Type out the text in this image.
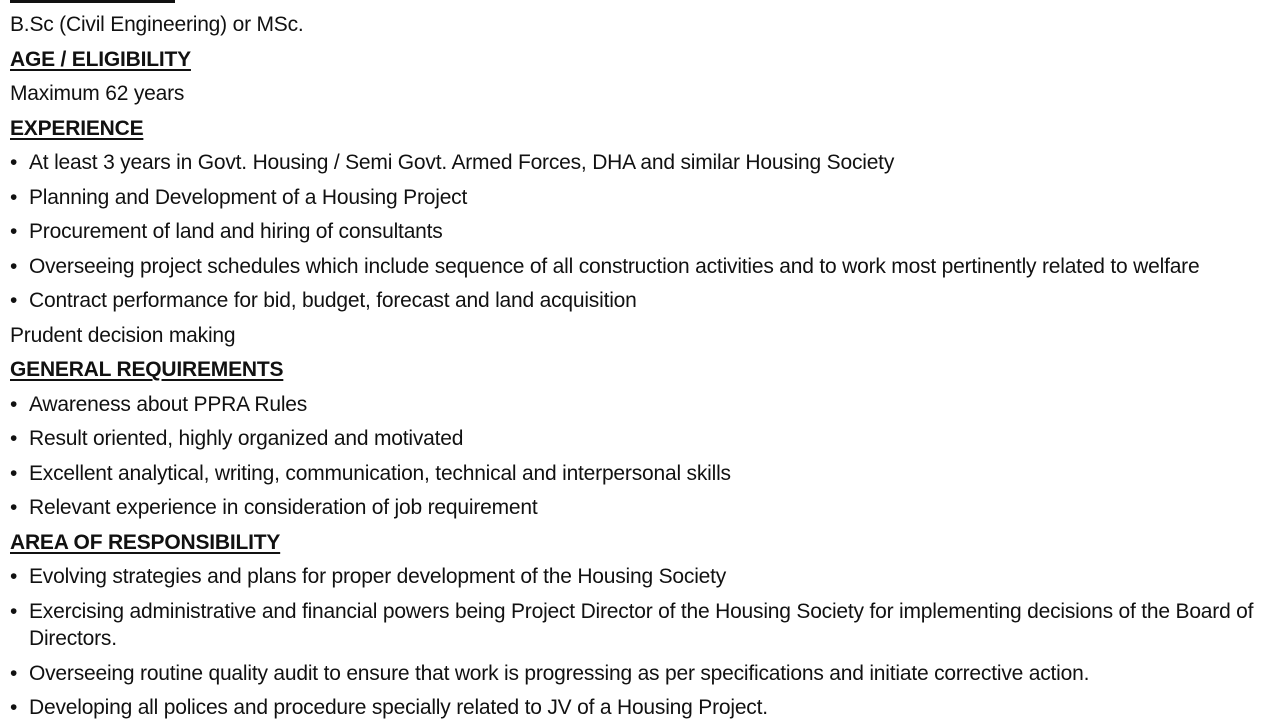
B.Sc (Civil Engineering) or MSc.
AGE / ELIGIBILITY
Maximum 62 years
EXPERIENCE
• At least 3 years in Govt. Housing / Semi Govt. Armed Forces, DHA and similar Housing Society
• Planning and Development of a Housing Project
• Procurement of land and hiring of consultants
• Overseeing project schedules which include sequence of all construction activities and to work most pertinently related to welfare
• Contract performance for bid, budget, forecast and land acquisition
Prudent decision making
GENERAL REQUIREMENTS
• Awareness about PPRA Rules
• Result oriented, highly organized and motivated
• Excellent analytical, writing, communication, technical and interpersonal skills
• Relevant experience in consideration of job requirement
AREA OF RESPONSIBILITY
• Evolving strategies and plans for proper development of the Housing Society
• Exercising administrative and financial powers being Project Director of the Housing Society for implementing decisions of the Board of Directors.
• Overseeing routine quality audit to ensure that work is progressing as per specifications and initiate corrective action.
• Developing all polices and procedure specially related to JV of a Housing Project.
